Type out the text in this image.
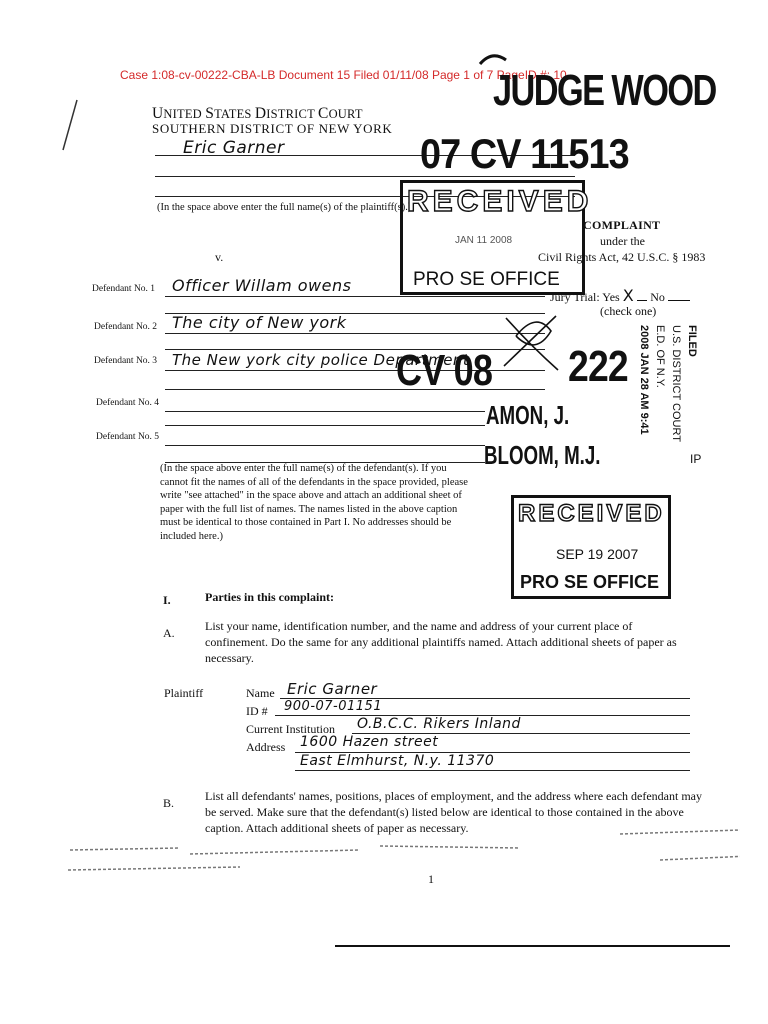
Case 1:08-cv-00222-CBA-LB Document 15 Filed 01/11/08 Page 1 of 7 PageID #: 10
JUDGE WOOD
UNITED STATES DISTRICT COURT
SOUTHERN DISTRICT OF NEW YORK
Eric Garner	07 CV 11513
(In the space above enter the full name(s) of the plaintiff(s).)
RECEIVED
JAN 11 2008
PRO SE OFFICE
COMPLAINT
under the
Civil Rights Act, 42 U.S.C. § 1983
Jury Trial: Yes X No
(check one)
v.
Defendant No. 1 Officer Willam owens
Defendant No. 2 The city of New york
Defendant No. 3 The New york city police Department
Defendant No. 4
Defendant No. 5
CV 08 222
AMON, J.
BLOOM, M.J.
FILED
U.S. DISTRICT COURT
E.D. OF N.Y.
2008 JAN 28 AM 9:41
IP
(In the space above enter the full name(s) of the defendant(s). If you cannot fit the names of all of the defendants in the space provided, please write "see attached" in the space above and attach an additional sheet of paper with the full list of names. The names listed in the above caption must be identical to those contained in Part I. No addresses should be included here.)
RECEIVED
SEP 19 2007
PRO SE OFFICE
I.	Parties in this complaint:
A.	List your name, identification number, and the name and address of your current place of confinement. Do the same for any additional plaintiffs named. Attach additional sheets of paper as necessary.
Plaintiff	Name Eric Garner
ID # 900-07-01151
Current Institution O.B.C.C. Rikers Inland
Address 1600 Hazen street
East Elmhurst, N.y. 11370
B.	List all defendants' names, positions, places of employment, and the address where each defendant may be served. Make sure that the defendant(s) listed below are identical to those contained in the above caption. Attach additional sheets of paper as necessary.
1
